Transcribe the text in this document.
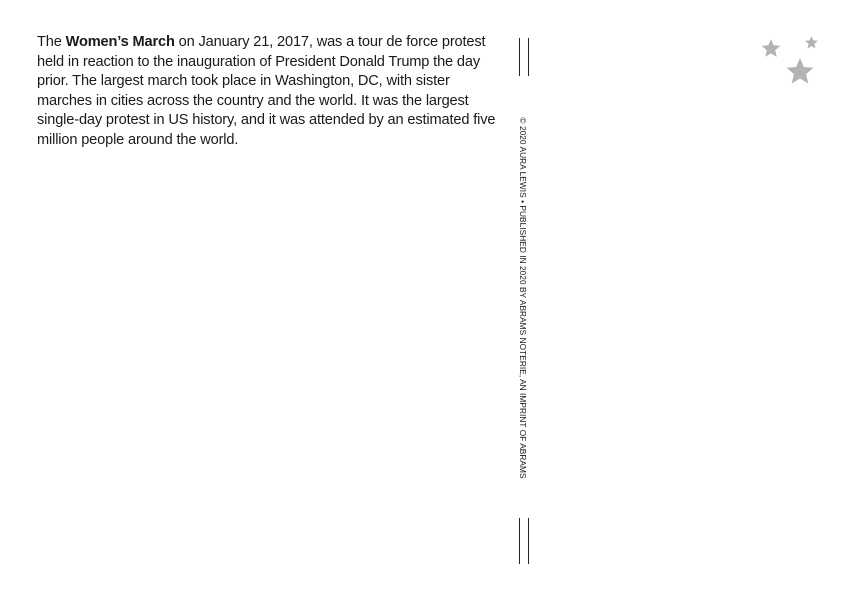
The Women’s March on January 21, 2017, was a tour de force protest held in reaction to the inauguration of President Donald Trump the day prior. The largest march took place in Washington, DC, with sister marches in cities across the country and the world. It was the largest single-day protest in US history, and it was attended by an estimated five million people around the world.	© 2020 AURA LEWIS • PUBLISHED IN 2020 BY ABRAMS NOTERIE, AN IMPRINT OF ABRAMS
